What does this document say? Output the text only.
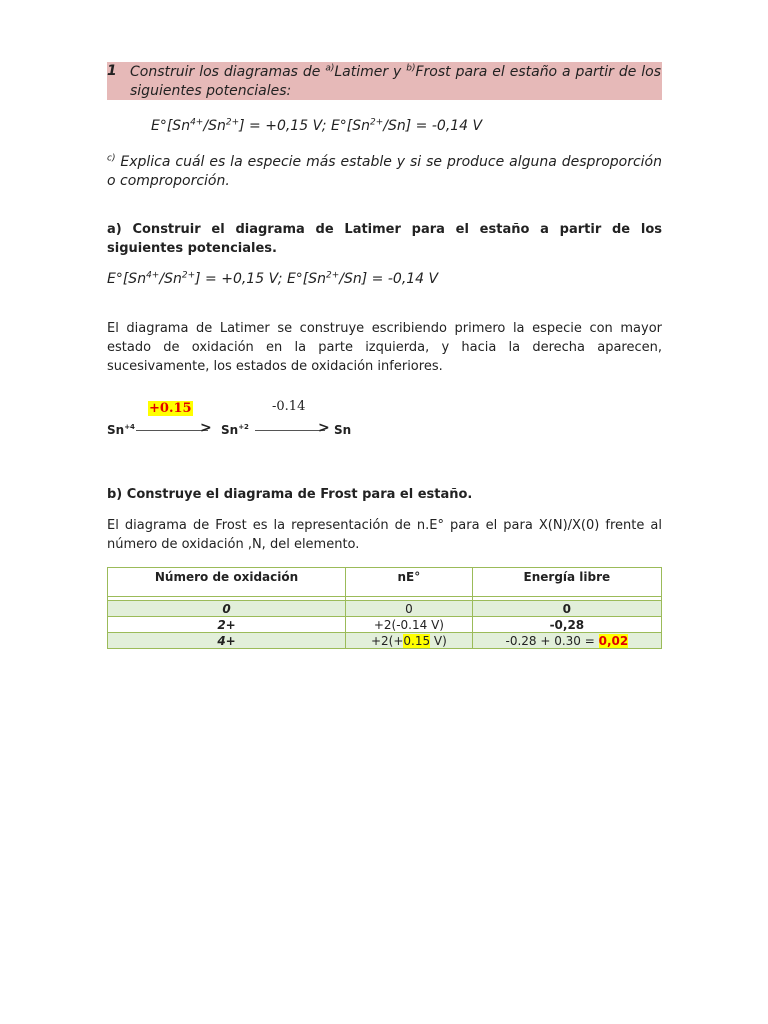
1 Construir los diagramas de $^{a)}$Latimer y $^{b)}$Frost para el estaño a partir de los siguientes potenciales:
$E^\circ[Sn^{4+}/Sn^{2+}] = +0,15$ V; $E^\circ[Sn^{2+}/Sn] = -0,14$ V
$^{c)}$ Explica cuál es la especie más estable y si se produce alguna desproporción o comproporción.
a) Construir el diagrama de Latimer para el estaño a partir de los siguientes potenciales.
$E^\circ[Sn^{4+}/Sn^{2+}] = +0,15$ V; $E^\circ[Sn^{2+}/Sn] = -0,14$ V
El diagrama de Latimer se construye escribiendo primero la especie con mayor estado de oxidación en la parte izquierda, y hacia la derecha aparecen, sucesivamente, los estados de oxidación inferiores.
+0.15	-0.14
$Sn^{+4}$	> $Sn^{+2}$	> Sn
b) Construye el diagrama de Frost para el estaño.
El diagrama de Frost es la representación de n.E° para el para X(N)/X(0) frente al número de oxidación ,N, del elemento.
Número de oxidación	nE°	Energía libre

0	0	0
2+	+2(-0.14 V)	-0,28
4+	+2(+0.15 V)	-0.28 + 0.30 = 0,02
